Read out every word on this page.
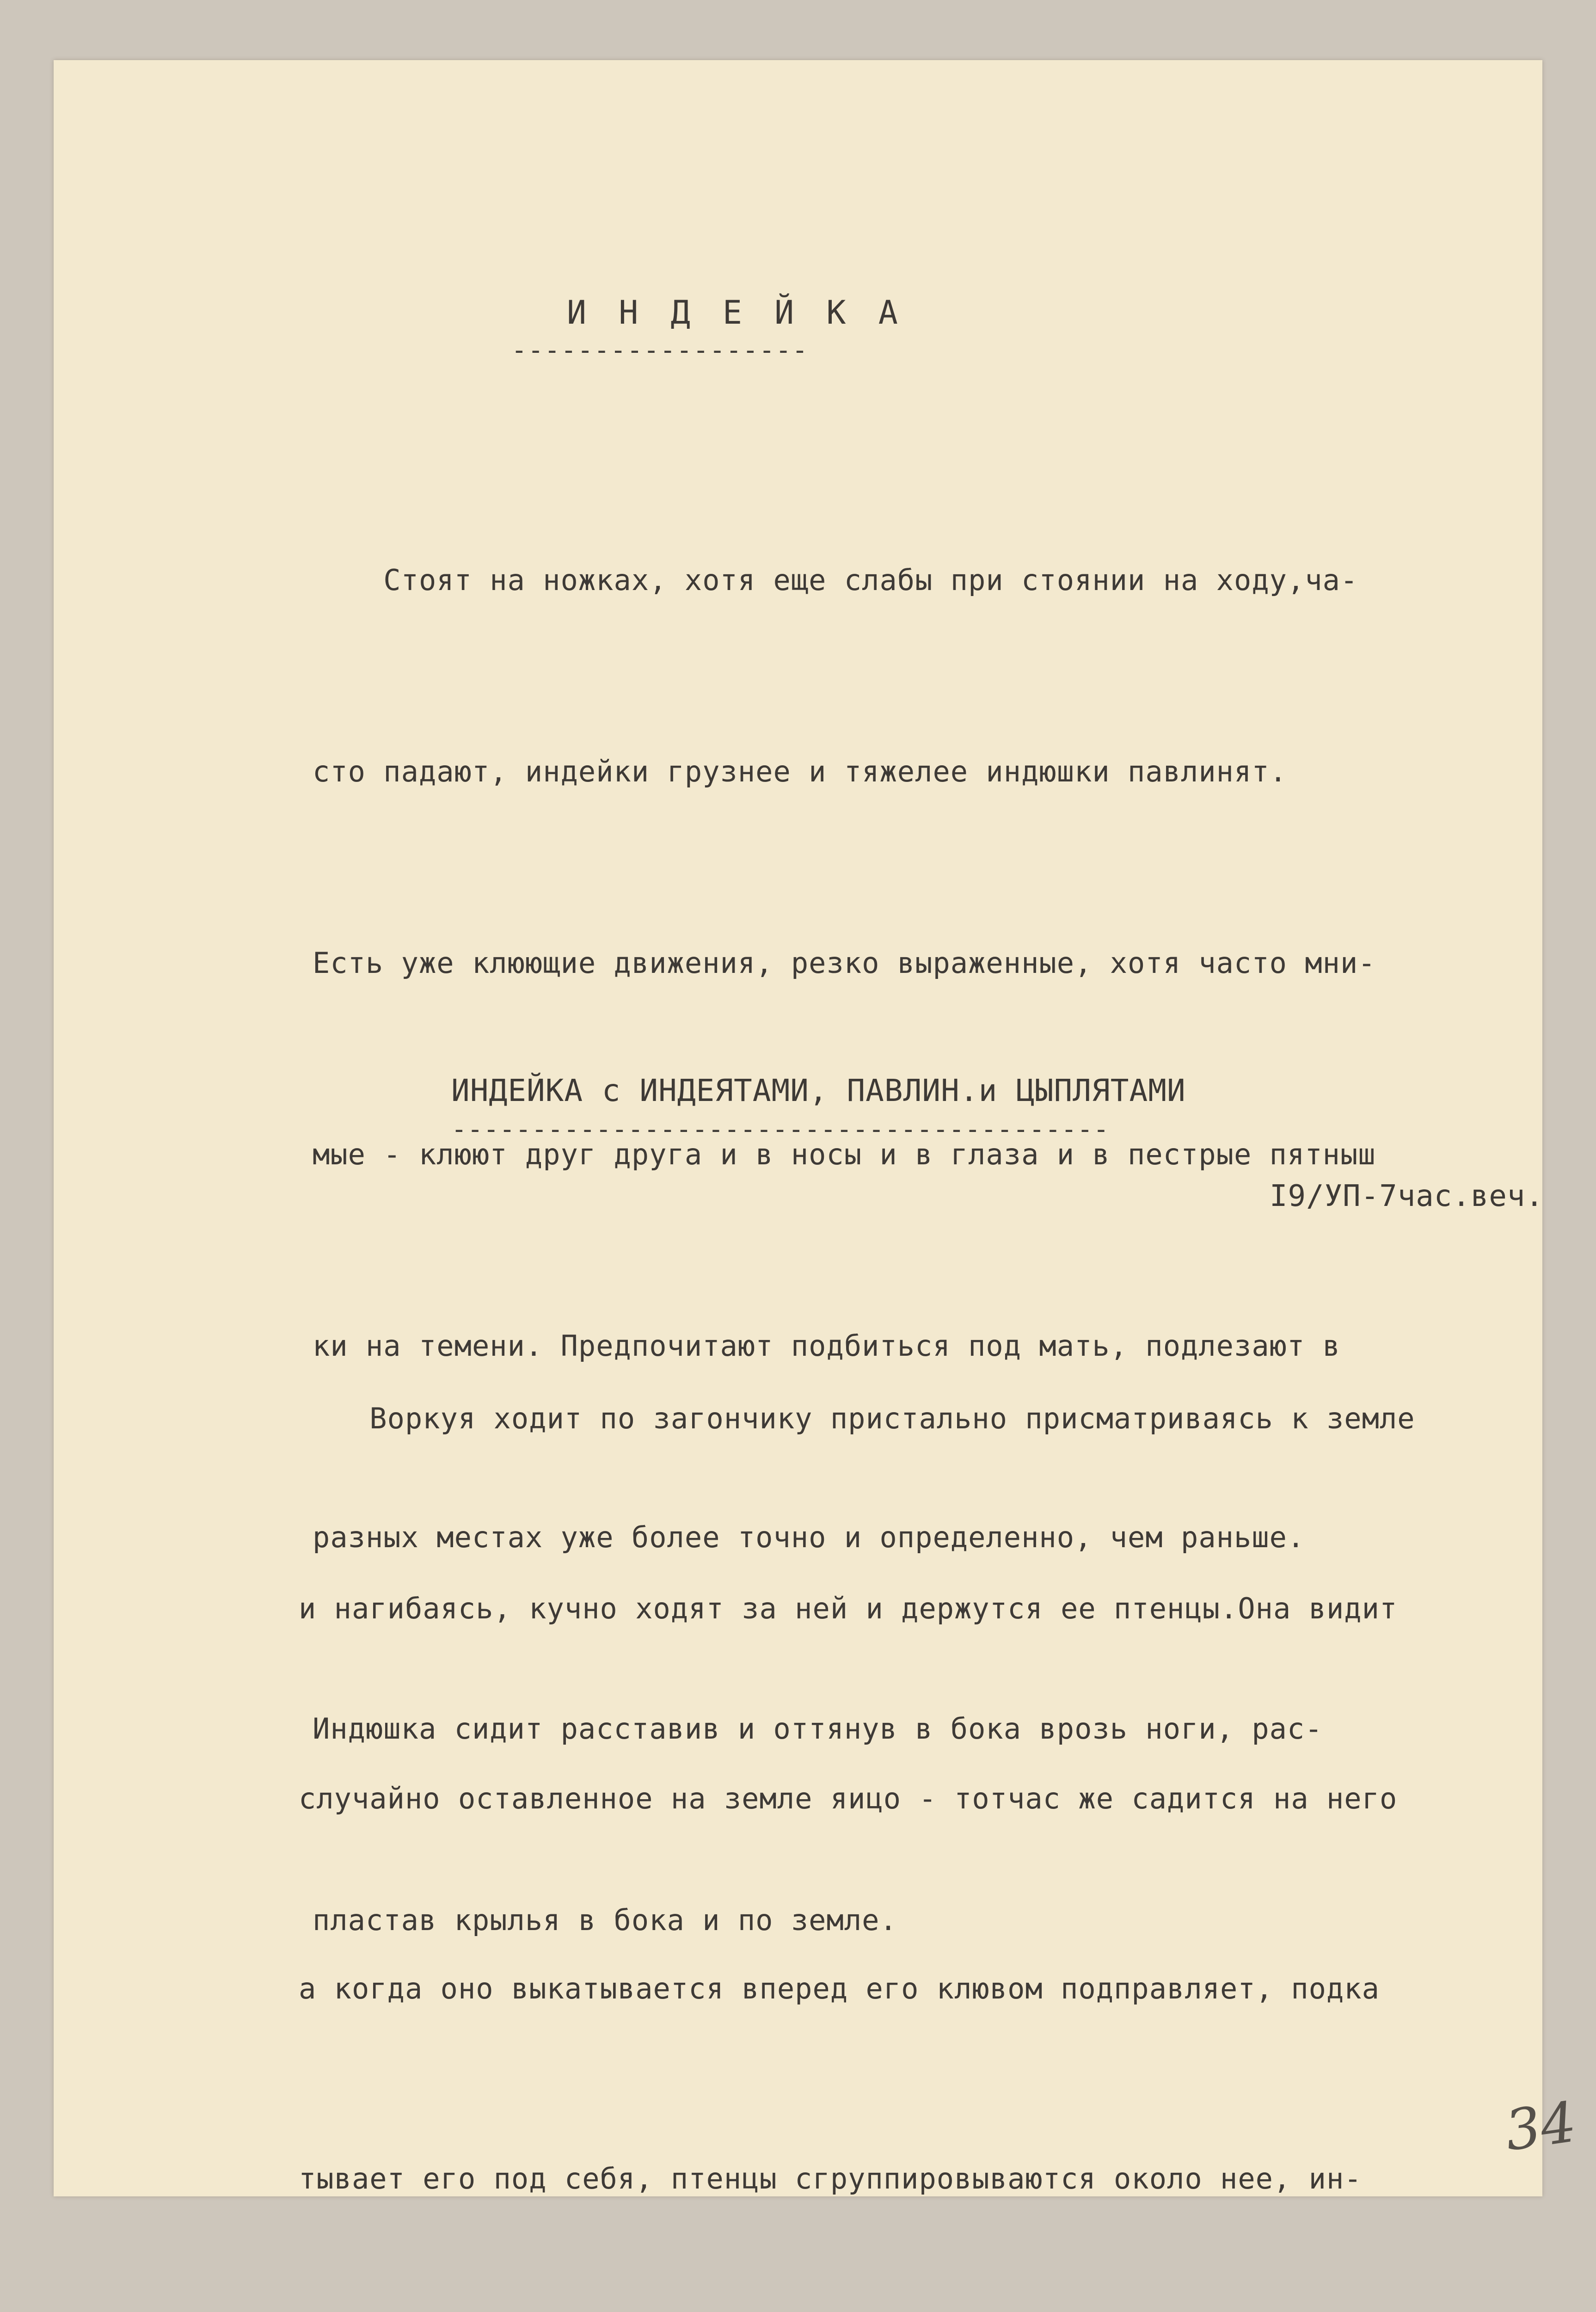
И Н Д Е Й К А
------------------

Стоят на ножках, хотя еще слабы при стоянии на ходу,ча-

сто падают, индейки грузнее и тяжелее индюшки павлинят.

Есть уже клюющие движения, резко выраженные, хотя часто мни-

мые - клюют друг друга и в носы и в глаза и в пестрые пятныш

ки на темени. Предпочитают подбиться под мать, подлезают в

разных местах уже более точно и определенно, чем раньше.

Индюшка сидит расставив и оттянув в бока врозь ноги, рас-

пластав крылья в бока и по земле.

ИНДЕЙКА с ИНДЕЯТАМИ, ПАВЛИН.и ЦЫПЛЯТАМИ
-----------------------------------------
I9/УП-7час.веч.

Воркуя ходит по загончику пристально присматриваясь к земле

и нагибаясь, кучно ходят за ней и держутся ее птенцы.Она видит

случайно оставленное на земле яицо - тотчас же садится на него

а когда оно выкатывается вперед его клювом подправляет, подка

тывает его под себя, птенцы сгруппировываются около нее, ин-

34
